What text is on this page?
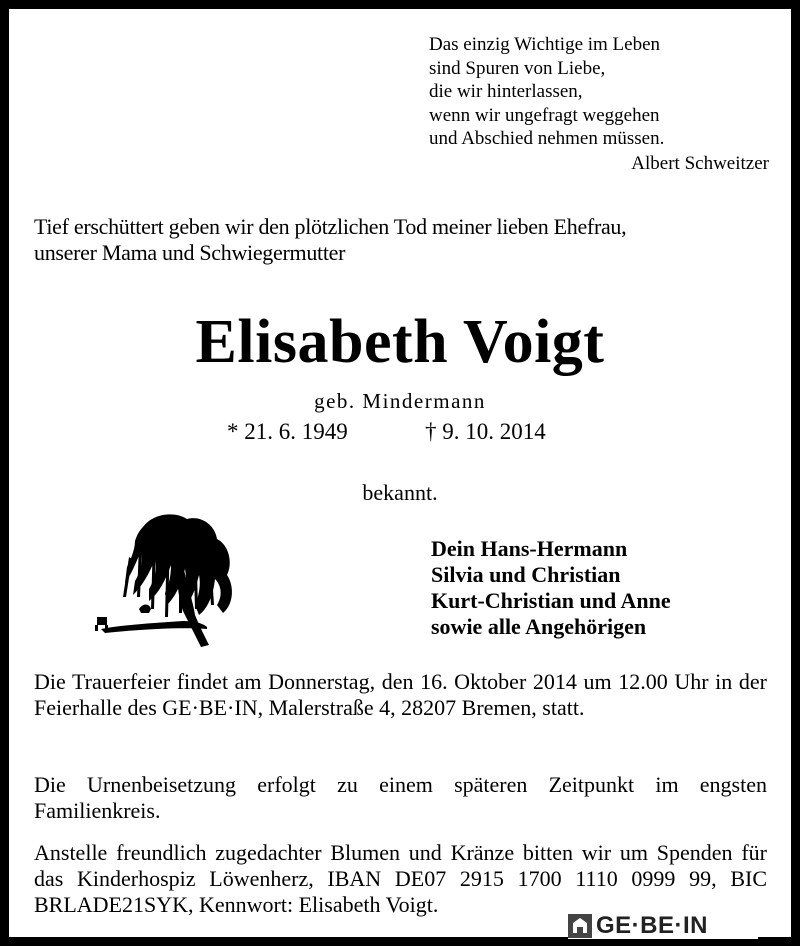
Das einzig Wichtige im Leben
sind Spuren von Liebe,
die wir hinterlassen,
wenn wir ungefragt weggehen
und Abschied nehmen müssen.
Albert Schweitzer
Tief erschüttert geben wir den plötzlichen Tod meiner lieben Ehefrau,
unserer Mama und Schwiegermutter
Elisabeth Voigt
geb. Mindermann
* 21. 6. 1949	† 9. 10. 2014
bekannt.
Dein Hans-Hermann
Silvia und Christian
Kurt-Christian und Anne
sowie alle Angehörigen
Die Trauerfeier findet am Donnerstag, den 16. Oktober 2014 um 12.00 Uhr in der Feierhalle des GE·BE·IN, Malerstraße 4, 28207 Bremen, statt.
Die Urnenbeisetzung erfolgt zu einem späteren Zeitpunkt im engsten Familienkreis.
Anstelle freundlich zugedachter Blumen und Kränze bitten wir um Spenden für das Kinderhospiz Löwenherz, IBAN DE07 2915 1700 1110 0999 99, BIC BRLADE21SYK, Kennwort: Elisabeth Voigt.
GE·BE·IN
